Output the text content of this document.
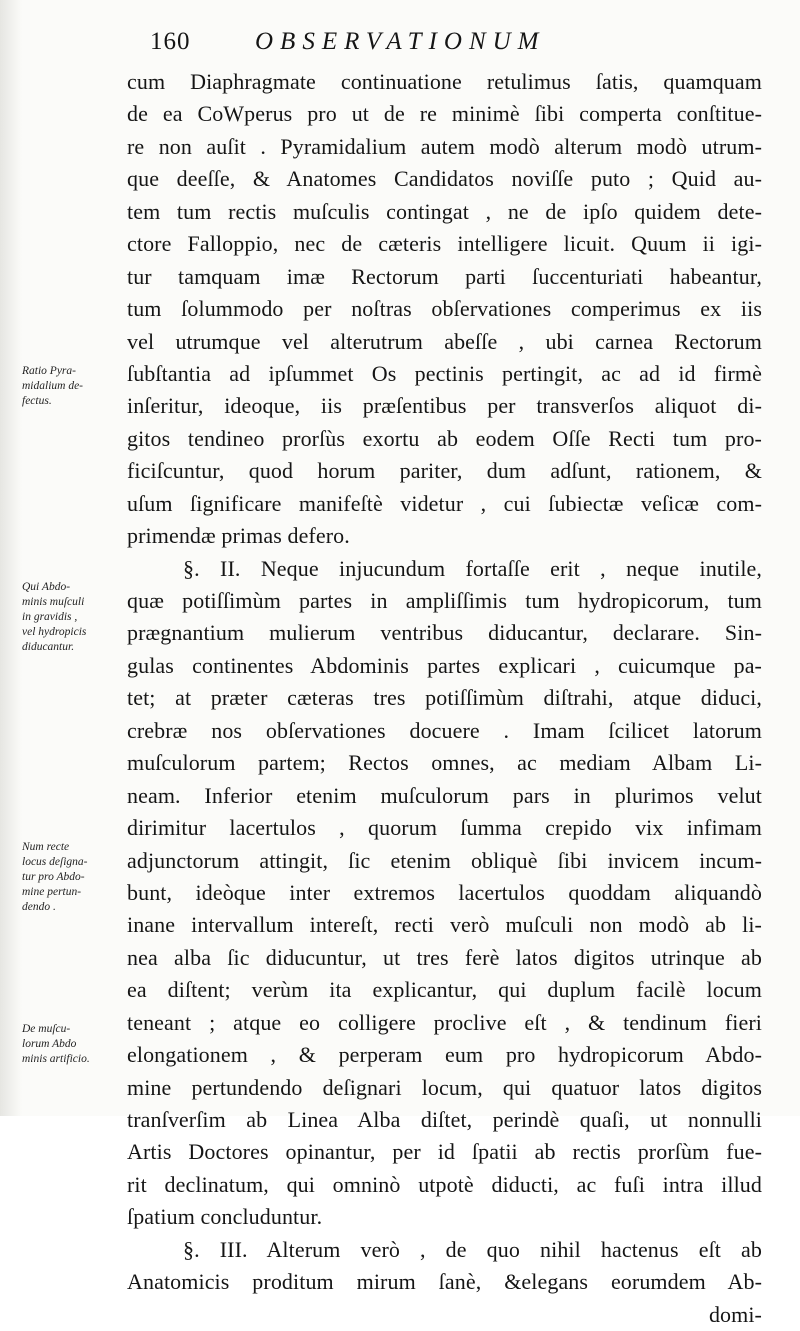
160	OBSERVATIONUM
cum Diaphragmate continuatione retulimus ſatis, quamquam
de ea CoWperus pro ut de re minimè ſibi comperta conſtitue-
re non auſit . Pyramidalium autem modò alterum modò utrum-
que deeſſe, & Anatomes Candidatos noviſſe puto ; Quid au-
tem tum rectis muſculis contingat , ne de ipſo quidem dete-
ctore Falloppio, nec de cæteris intelligere licuit. Quum ii igi-
tur tamquam imæ Rectorum parti ſuccenturiati habeantur,
tum ſolummodo per noſtras obſervationes comperimus ex iis
vel utrumque vel alterutrum abeſſe , ubi carnea Rectorum
ſubſtantia ad ipſummet Os pectinis pertingit, ac ad id firmè
inſeritur, ideoque, iis præſentibus per transverſos aliquot di-
gitos tendineo prorſùs exortu ab eodem Oſſe Recti tum pro-
ficiſcuntur, quod horum pariter, dum adſunt, rationem, &
uſum ſignificare manifeſtè videtur , cui ſubiectæ veſicæ com-
primendæ primas defero.
§. II. Neque injucundum fortaſſe erit , neque inutile,
quæ potiſſimùm partes in ampliſſimis tum hydropicorum, tum
prægnantium mulierum ventribus diducantur, declarare. Sin-
gulas continentes Abdominis partes explicari , cuicumque pa-
tet; at præter cæteras tres potiſſimùm diſtrahi, atque diduci,
crebræ nos obſervationes docuere . Imam ſcilicet latorum
muſculorum partem; Rectos omnes, ac mediam Albam Li-
neam. Inferior etenim muſculorum pars in plurimos velut
dirimitur lacertulos , quorum ſumma crepido vix infimam
adjunctorum attingit, ſic etenim obliquè ſibi invicem incum-
bunt, ideòque inter extremos lacertulos quoddam aliquandò
inane intervallum intereſt, recti verò muſculi non modò ab li-
nea alba ſic diducuntur, ut tres ferè latos digitos utrinque ab
ea diſtent; verùm ita explicantur, qui duplum facilè locum
teneant ; atque eo colligere proclive eſt , & tendinum fieri
elongationem , & perperam eum pro hydropicorum Abdo-
mine pertundendo deſignari locum, qui quatuor latos digitos
tranſverſim ab Linea Alba diſtet, perindè quaſi, ut nonnulli
Artis Doctores opinantur, per id ſpatii ab rectis prorſùm fue-
rit declinatum, qui omninò utpotè diducti, ac fuſi intra illud
ſpatium concluduntur.
§. III. Alterum verò , de quo nihil hactenus eſt ab
Anatomicis proditum mirum ſanè, &elegans eorumdem Ab-
domi-
Ratio Pyra-
midalium de-
fectus.
Qui Abdo-
minis muſculi
in gravidis ,
vel hydropicis
diducantur.
Num recte
locus deſigna-
tur pro Abdo-
mine pertun-
dendo .
De muſcu-
lorum Abdo
minis artificio.
